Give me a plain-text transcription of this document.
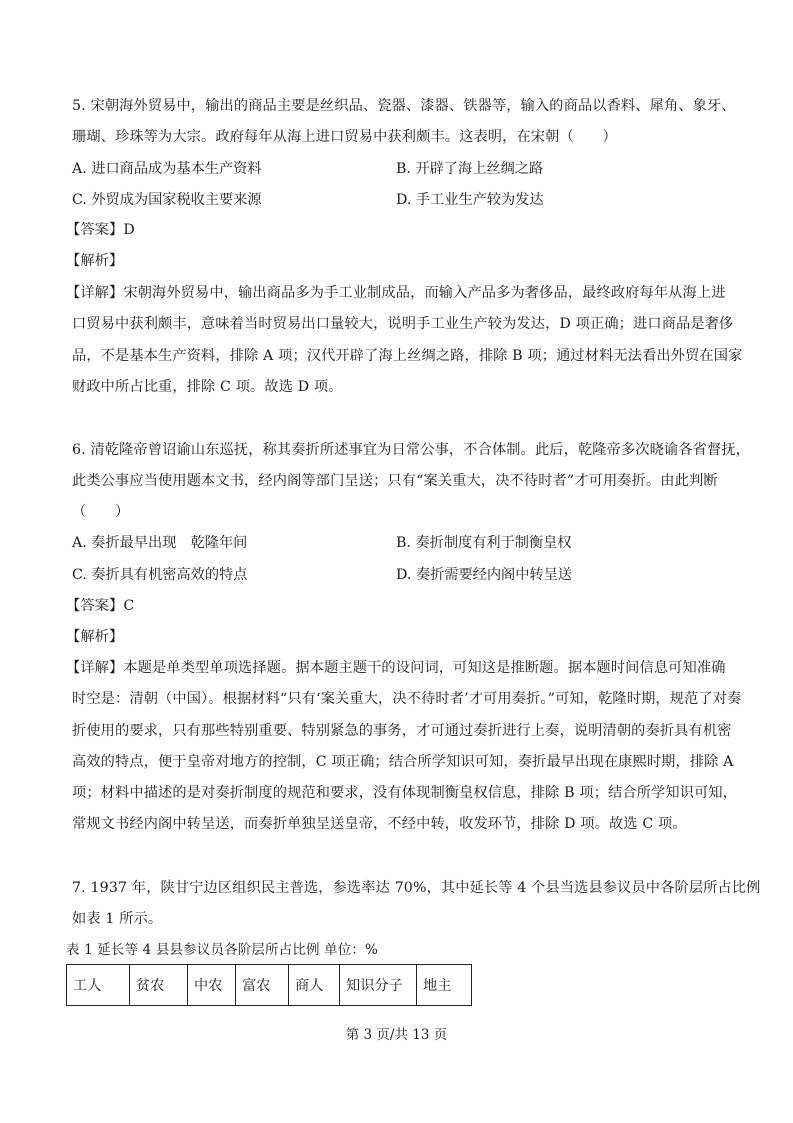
5. 宋朝海外贸易中，输出的商品主要是丝织品、瓷器、漆器、铁器等，输入的商品以香料、犀角、象牙、
珊瑚、珍珠等为大宗。政府每年从海上进口贸易中获利颇丰。这表明，在宋朝（　　）
A. 进口商品成为基本生产资料	B. 开辟了海上丝绸之路
C. 外贸成为国家税收主要来源	D. 手工业生产较为发达
【答案】D
【解析】
【详解】宋朝海外贸易中，输出商品多为手工业制成品，而输入产品多为奢侈品，最终政府每年从海上进
口贸易中获利颇丰，意味着当时贸易出口量较大，说明手工业生产较为发达，D 项正确；进口商品是奢侈
品，不是基本生产资料，排除 A 项；汉代开辟了海上丝绸之路，排除 B 项；通过材料无法看出外贸在国家
财政中所占比重，排除 C 项。故选 D 项。
6. 清乾隆帝曾诏谕山东巡抚，称其奏折所述事宜为日常公事，不合体制。此后，乾隆帝多次晓谕各省督抚，
此类公事应当使用题本文书，经内阁等部门呈送；只有“案关重大，决不待时者”才可用奏折。由此判断
（　　）
A. 奏折最早出现　乾隆年间	B. 奏折制度有利于制衡皇权
C. 奏折具有机密高效的特点	D. 奏折需要经内阁中转呈送
【答案】C
【解析】
【详解】本题是单类型单项选择题。据本题主题干的设问词，可知这是推断题。据本题时间信息可知准确
时空是：清朝（中国）。根据材料“只有‘案关重大，决不待时者’才可用奏折。”可知，乾隆时期，规范了对奏
折使用的要求，只有那些特别重要、特别紧急的事务，才可通过奏折进行上奏，说明清朝的奏折具有机密
高效的特点，便于皇帝对地方的控制，C 项正确；结合所学知识可知，奏折最早出现在康熙时期，排除 A
项；材料中描述的是对奏折制度的规范和要求，没有体现制衡皇权信息，排除 B 项；结合所学知识可知，
常规文书经内阁中转呈送，而奏折单独呈送皇帝，不经中转，收发环节，排除 D 项。故选 C 项。
7. 1937 年，陕甘宁边区组织民主普选，参选率达 70%，其中延长等 4 个县当选县参议员中各阶层所占比例
如表 1 所示。
表 1 延长等 4 县县参议员各阶层所占比例 单位：%
工人	贫农	中农	富农	商人	知识分子	地主
第 3 页/共 13 页
